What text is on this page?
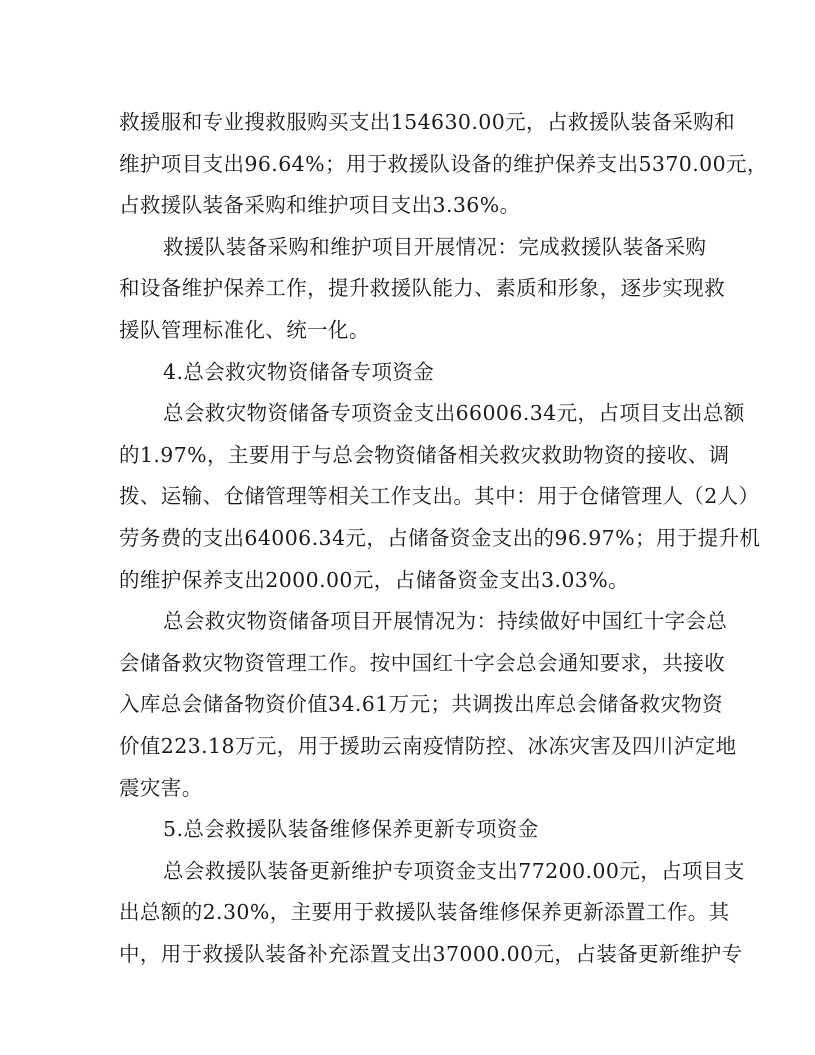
救援服和专业搜救服购买支出154630.00元，占救援队装备采购和
维护项目支出96.64%；用于救援队设备的维护保养支出5370.00元，
占救援队装备采购和维护项目支出3.36%。
救援队装备采购和维护项目开展情况：完成救援队装备采购
和设备维护保养工作，提升救援队能力、素质和形象，逐步实现救
援队管理标准化、统一化。
4.总会救灾物资储备专项资金
总会救灾物资储备专项资金支出66006.34元，占项目支出总额
的1.97%，主要用于与总会物资储备相关救灾救助物资的接收、调
拨、运输、仓储管理等相关工作支出。其中：用于仓储管理人（2人）
劳务费的支出64006.34元，占储备资金支出的96.97%；用于提升机
的维护保养支出2000.00元，占储备资金支出3.03%。
总会救灾物资储备项目开展情况为：持续做好中国红十字会总
会储备救灾物资管理工作。按中国红十字会总会通知要求，共接收
入库总会储备物资价值34.61万元；共调拨出库总会储备救灾物资
价值223.18万元，用于援助云南疫情防控、冰冻灾害及四川泸定地
震灾害。
5.总会救援队装备维修保养更新专项资金
总会救援队装备更新维护专项资金支出77200.00元，占项目支
出总额的2.30%，主要用于救援队装备维修保养更新添置工作。其
中，用于救援队装备补充添置支出37000.00元，占装备更新维护专
